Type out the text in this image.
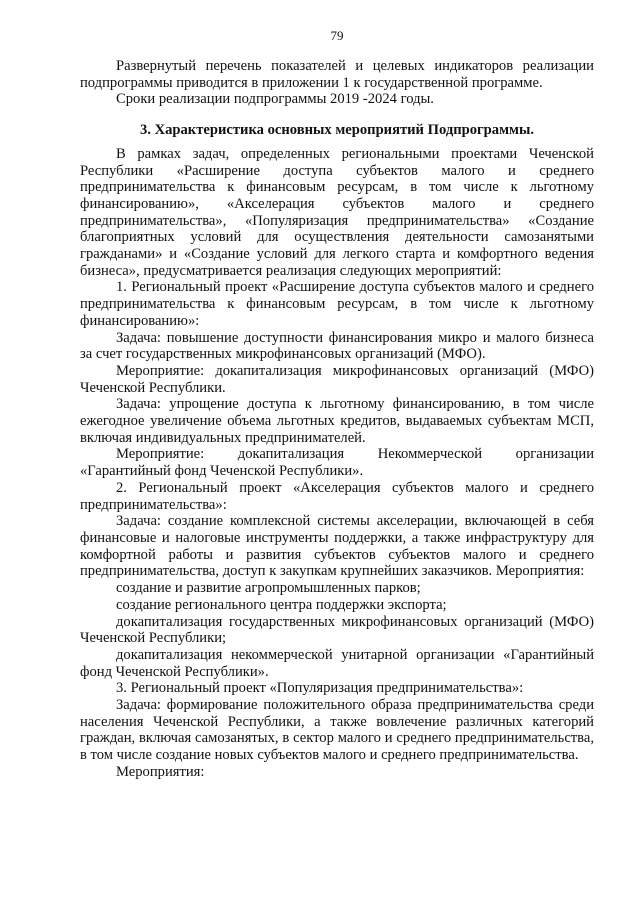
79

Развернутый перечень показателей и целевых индикаторов реализации подпрограммы приводится в приложении 1 к государственной программе.

Сроки реализации подпрограммы 2019 -2024 годы.

3. Характеристика основных мероприятий Подпрограммы.

В рамках задач, определенных региональными проектами Чеченской Республики «Расширение доступа субъектов малого и среднего предпринимательства к финансовым ресурсам, в том числе к льготному финансированию», «Акселерация субъектов малого и среднего предпринимательства», «Популяризация предпринимательства» «Создание благоприятных условий для осуществления деятельности самозанятыми гражданами» и «Создание условий для легкого старта и комфортного ведения бизнеса», предусматривается реализация следующих мероприятий:

1. Региональный проект «Расширение доступа субъектов малого и среднего предпринимательства к финансовым ресурсам, в том числе к льготному финансированию»:

Задача: повышение доступности финансирования микро и малого бизнеса за счет государственных микрофинансовых организаций (МФО).

Мероприятие: докапитализация микрофинансовых организаций (МФО) Чеченской Республики.

Задача: упрощение доступа к льготному финансированию, в том числе ежегодное увеличение объема льготных кредитов, выдаваемых субъектам МСП, включая индивидуальных предпринимателей.

Мероприятие: докапитализация Некоммерческой организации «Гарантийный фонд Чеченской Республики».

2. Региональный проект «Акселерация субъектов малого и среднего предпринимательства»:

Задача: создание комплексной системы акселерации, включающей в себя финансовые и налоговые инструменты поддержки, а также инфраструктуру для комфортной работы и развития субъектов субъектов малого и среднего предпринимательства, доступ к закупкам крупнейших заказчиков. Мероприятия:

создание и развитие агропромышленных парков;

создание регионального центра поддержки экспорта;

докапитализация государственных микрофинансовых организаций (МФО) Чеченской Республики;

докапитализация некоммерческой унитарной организации «Гарантийный фонд Чеченской Республики».

3. Региональный проект «Популяризация предпринимательства»:

Задача: формирование положительного образа предпринимательства среди населения Чеченской Республики, а также вовлечение различных категорий граждан, включая самозанятых, в сектор малого и среднего предпринимательства, в том числе создание новых субъектов малого и среднего предпринимательства.

Мероприятия:
